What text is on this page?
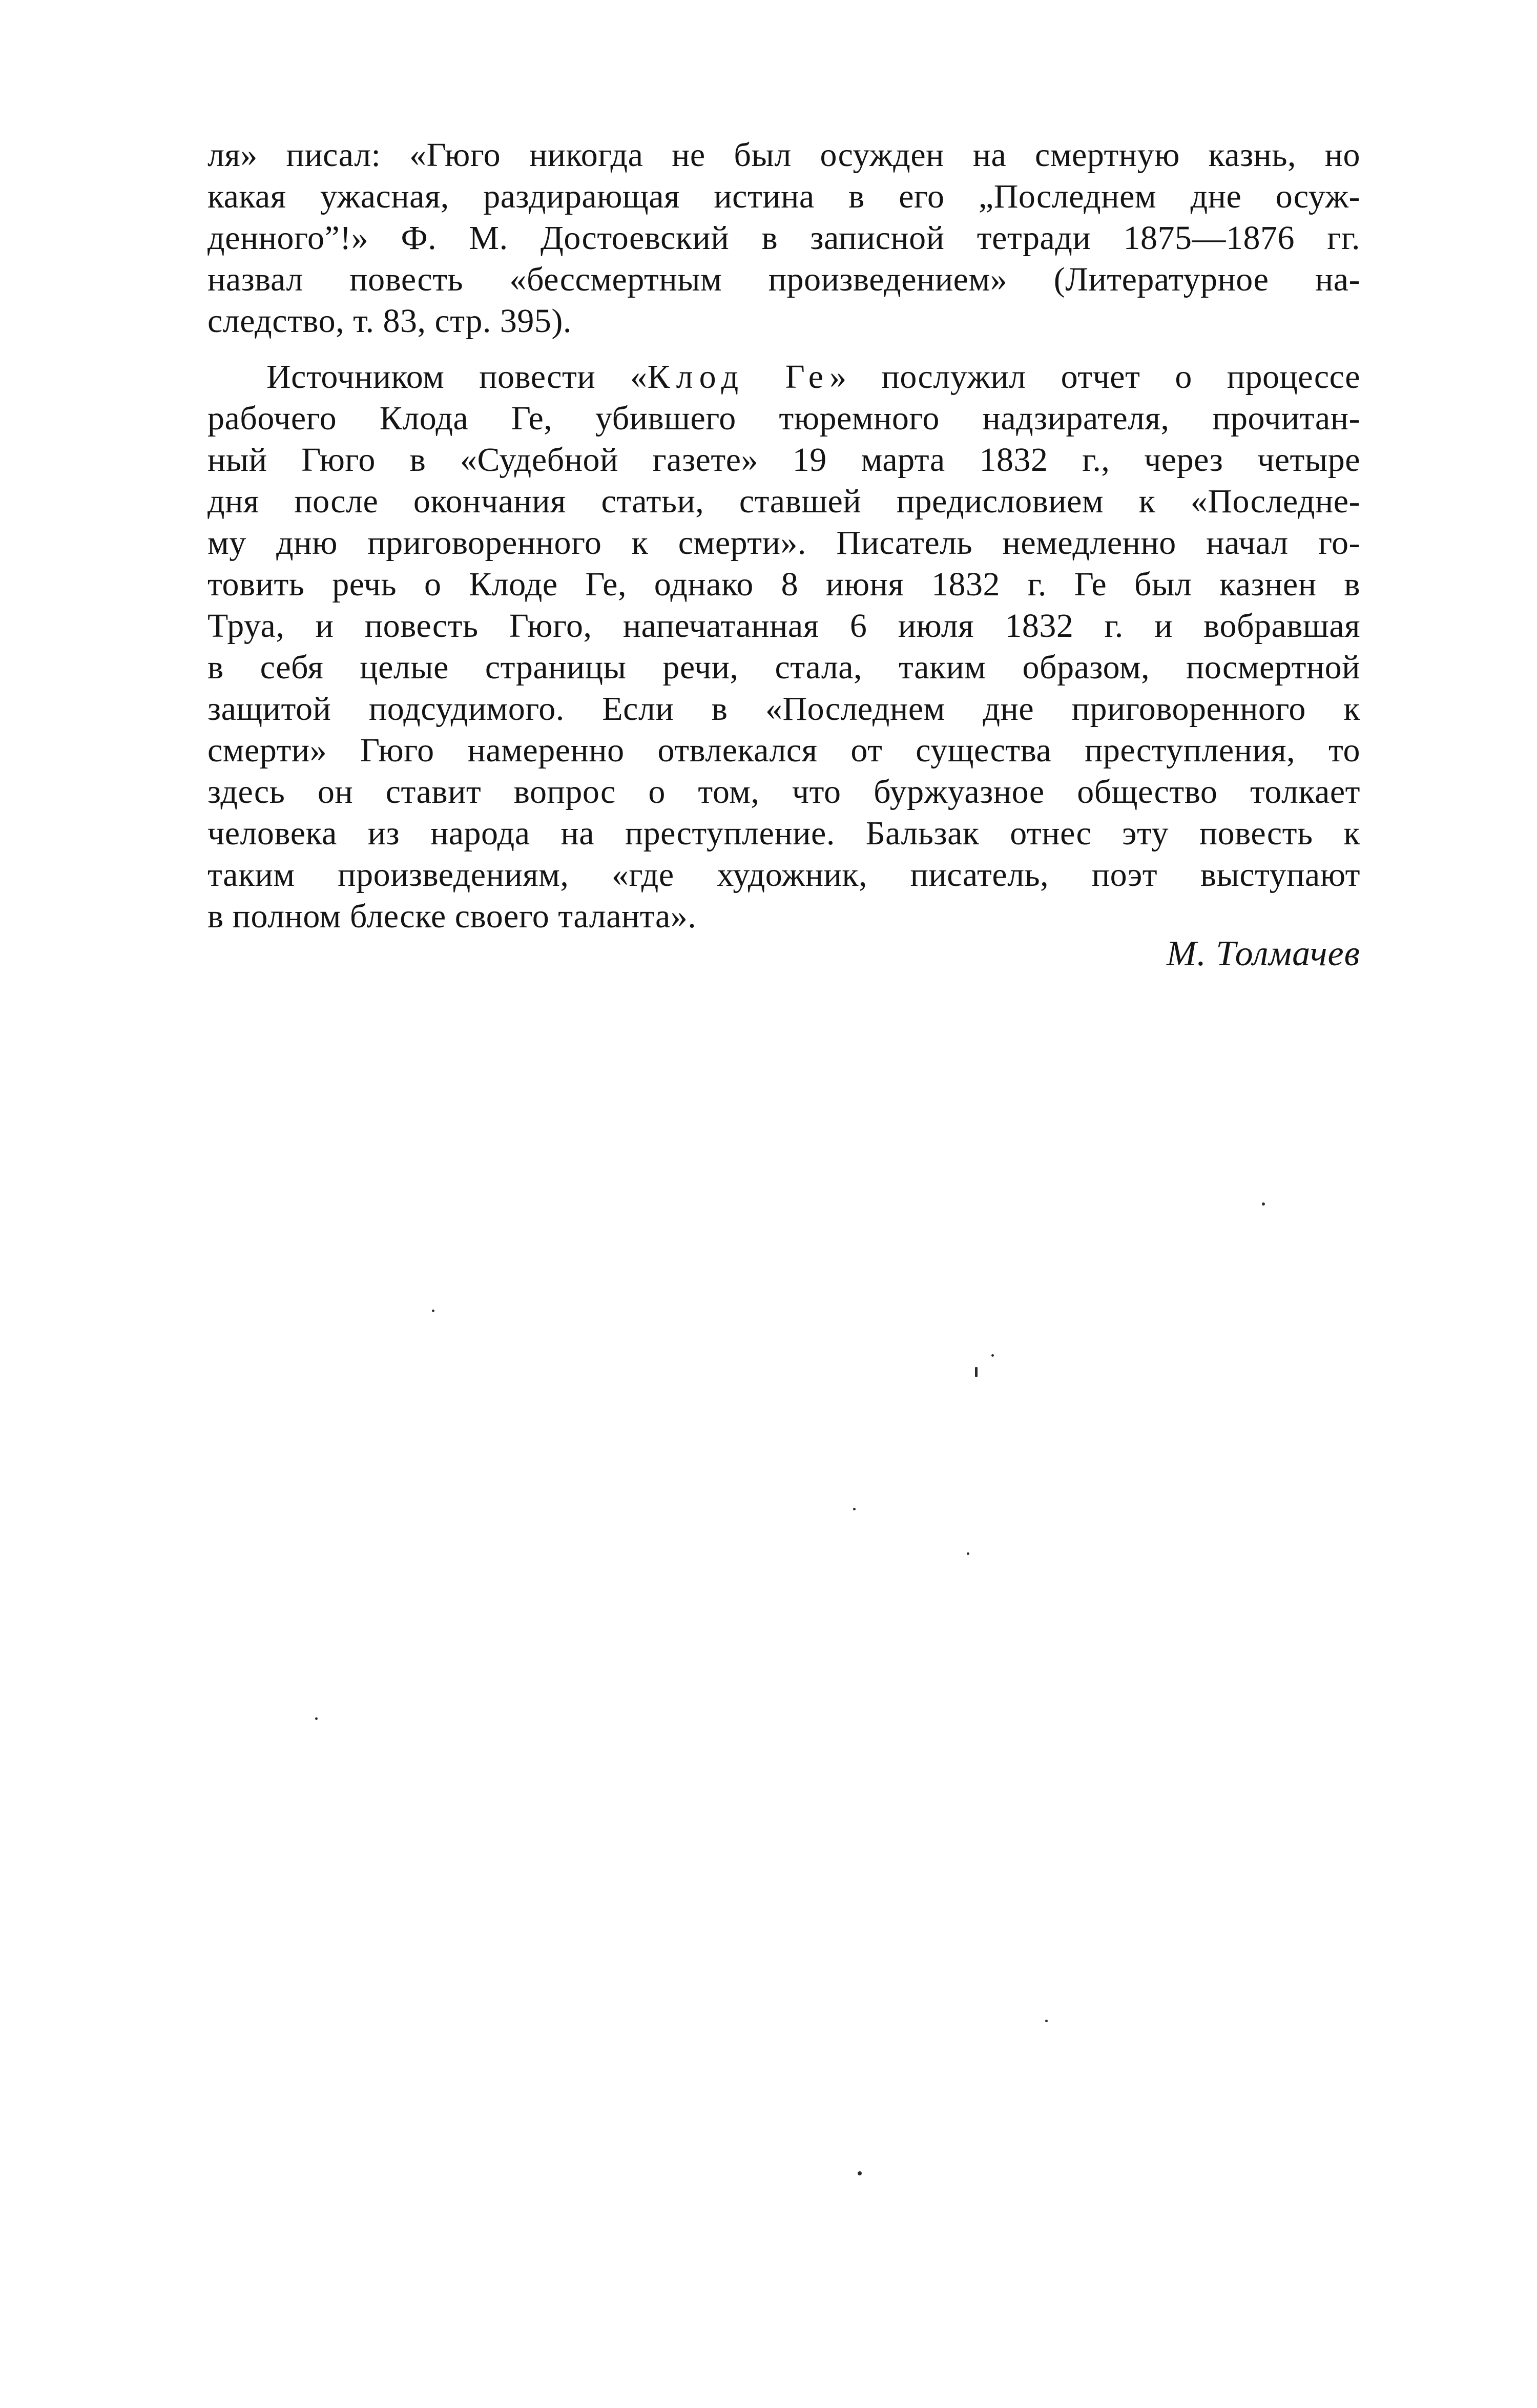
ля» писал: «Гюго никогда не был осужден на смертную казнь, но
какая ужасная, раздирающая истина в его „Последнем дне осуж-
денного”!» Ф. М. Достоевский в записной тетради 1875—1876 гг.
назвал повесть «бессмертным произведением» (Литературное на-
следство, т. 83, стр. 395).
Источником повести «Клод Ге» послужил отчет о процессе
рабочего Клода Ге, убившего тюремного надзирателя, прочитан-
ный Гюго в «Судебной газете» 19 марта 1832 г., через четыре
дня после окончания статьи, ставшей предисловием к «Последне-
му дню приговоренного к смерти». Писатель немедленно начал го-
товить речь о Клоде Ге, однако 8 июня 1832 г. Ге был казнен в
Труа, и повесть Гюго, напечатанная 6 июля 1832 г. и вобравшая
в себя целые страницы речи, стала, таким образом, посмертной
защитой подсудимого. Если в «Последнем дне приговоренного к
смерти» Гюго намеренно отвлекался от существа преступления, то
здесь он ставит вопрос о том, что буржуазное общество толкает
человека из народа на преступление. Бальзак отнес эту повесть к
таким произведениям, «где художник, писатель, поэт выступают
в полном блеске своего таланта».
М. Толмачев
